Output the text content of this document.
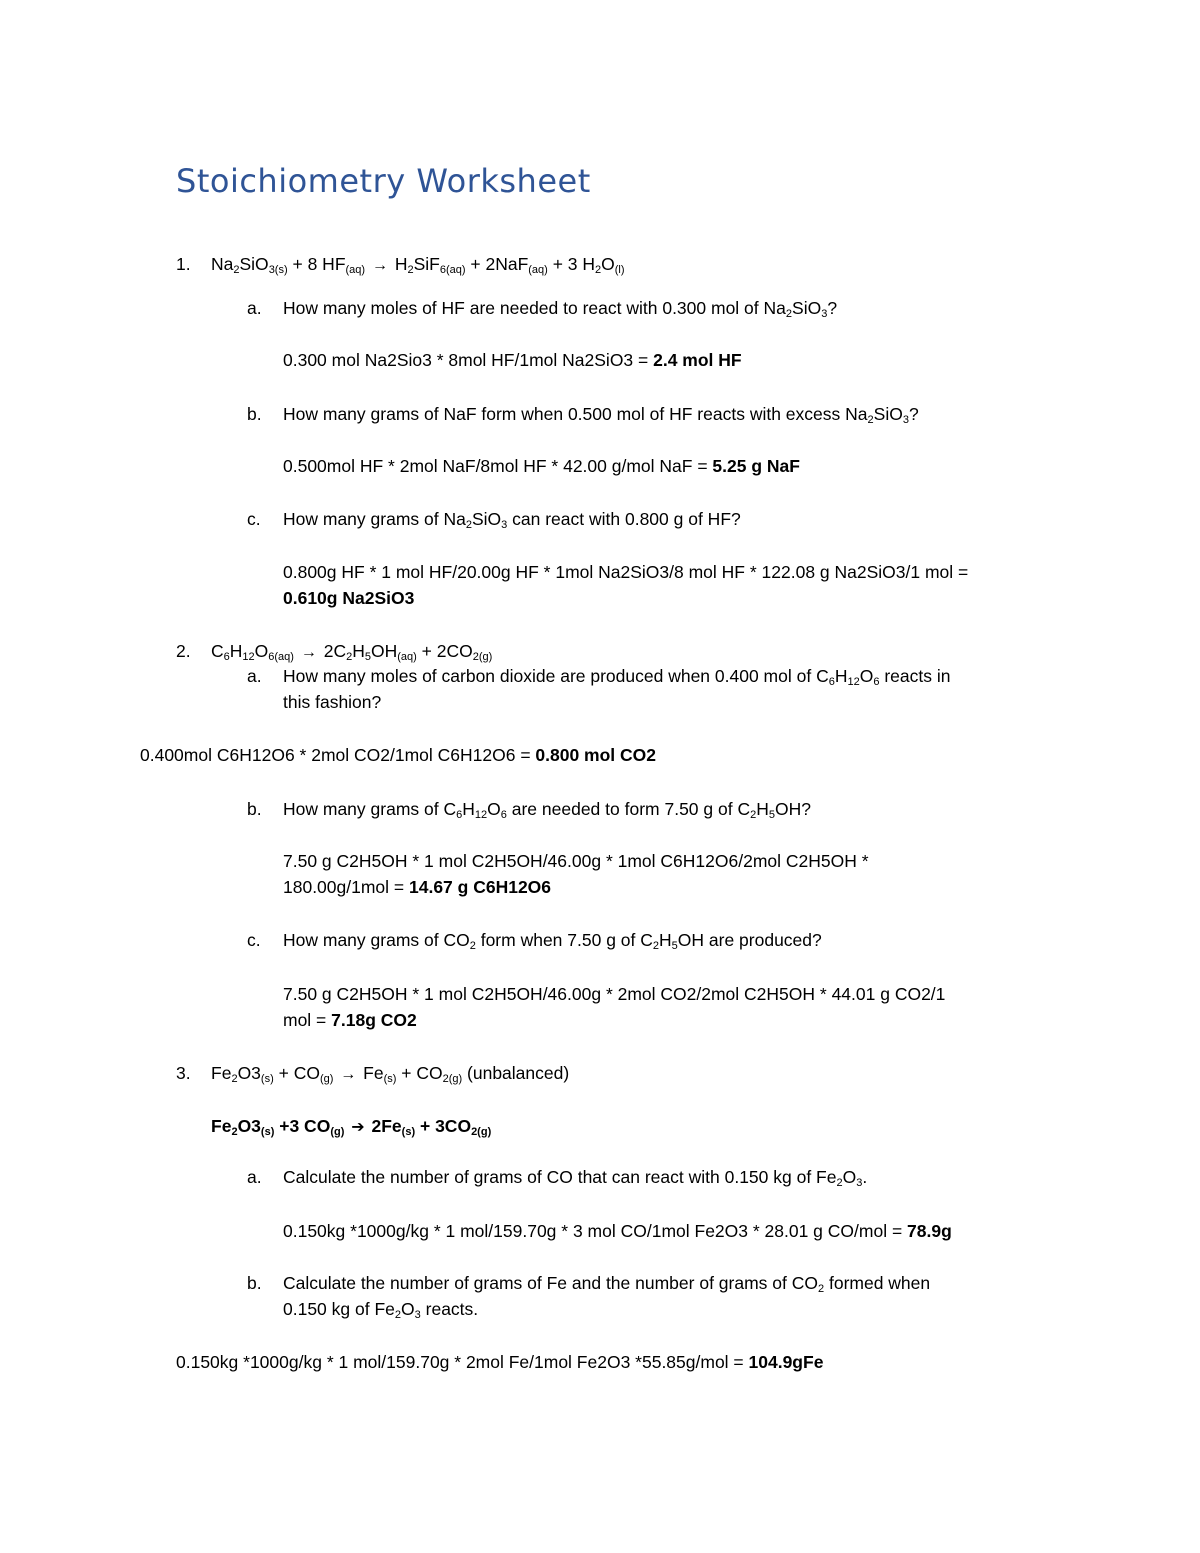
Stoichiometry Worksheet
1. $Na_2SiO_{3(s)} + 8$ $HF_{(aq)} \to H_2SiF_{6(aq)} + 2NaF_{(aq)} + 3$ $H_2O_{(l)}$
a. How many moles of HF are needed to react with 0.300 mol of $Na_2SiO_3$?
0.300 mol Na2Sio3 * 8mol HF/1mol Na2SiO3 = 2.4 mol HF
b. How many grams of NaF form when 0.500 mol of HF reacts with excess $Na_2SiO_3$?
0.500mol HF * 2mol NaF/8mol HF * 42.00 g/mol NaF = 5.25 g NaF
c. How many grams of $Na_2SiO_3$ can react with 0.800 g of HF?
0.800g HF * 1 mol HF/20.00g HF * 1mol Na2SiO3/8 mol HF * 122.08 g Na2SiO3/1 mol =
0.610g Na2SiO3
2. $C_6H_{12}O_{6(aq)} \to 2C_2H_5OH_{(aq)} + 2CO_{2(g)}$
a. How many moles of carbon dioxide are produced when 0.400 mol of $C_6H_{12}O_6$ reacts in
this fashion?
0.400mol C6H12O6 * 2mol CO2/1mol C6H12O6 = 0.800 mol CO2
b. How many grams of $C_6H_{12}O_6$ are needed to form 7.50 g of $C_2H_5OH$?
7.50 g C2H5OH * 1 mol C2H5OH/46.00g * 1mol C6H12O6/2mol C2H5OH *
180.00g/1mol = 14.67 g C6H12O6
c. How many grams of $CO_2$ form when 7.50 g of $C_2H_5OH$ are produced?
7.50 g C2H5OH * 1 mol C2H5OH/46.00g * 2mol CO2/2mol C2H5OH * 44.01 g CO2/1
mol = 7.18g CO2
3. $Fe_2O3_{(s)} + CO_{(g)} \to Fe_{(s)} + CO_{2(g)}$ (unbalanced)
$Fe_2O3_{(s)} +3$ $CO_{(g)}$ ➔ $2Fe_{(s)} + 3CO_{2(g)}$
a. Calculate the number of grams of CO that can react with 0.150 kg of $Fe_2O_3$.
0.150kg *1000g/kg * 1 mol/159.70g * 3 mol CO/1mol Fe2O3 * 28.01 g CO/mol = 78.9g
b. Calculate the number of grams of Fe and the number of grams of $CO_2$ formed when
0.150 kg of $Fe_2O_3$ reacts.
0.150kg *1000g/kg * 1 mol/159.70g * 2mol Fe/1mol Fe2O3 *55.85g/mol = 104.9gFe
